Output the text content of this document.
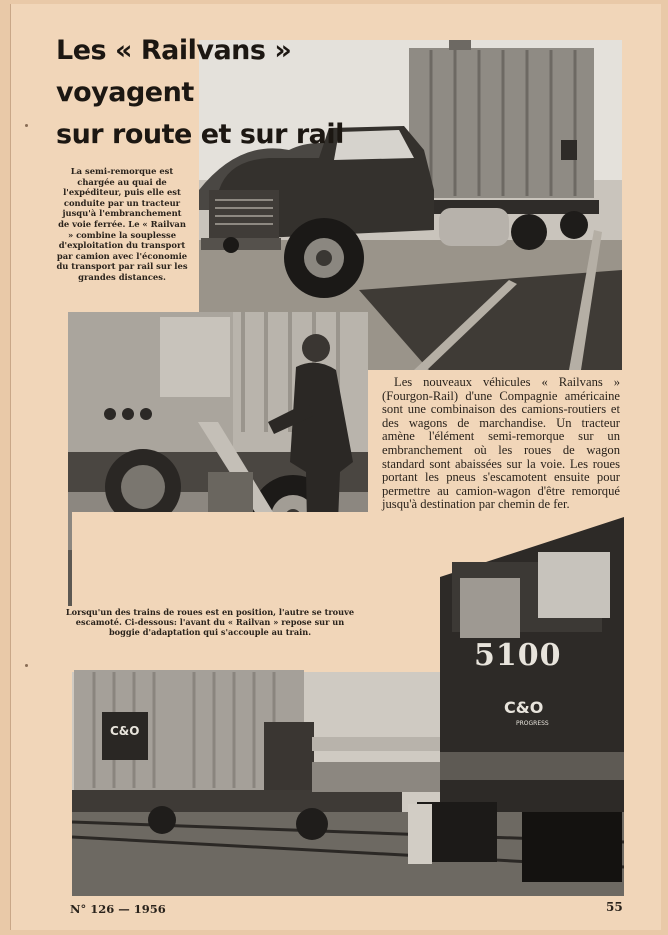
5100
C&O
PROGRESS
C&O
Les « Railvans » voyagent
sur route et sur rail
La semi-remorque est chargée au quai de l'expéditeur, puis elle est conduite par un tracteur jusqu'à l'embranchement de voie ferrée. Le « Railvan » combine la souplesse d'exploitation du transport par camion avec l'économie du transport par rail sur les grandes distances.
Les nouveaux véhicules « Railvans » (Fourgon-Rail) d'une Compagnie américaine sont une combinaison des camions-routiers et des wagons de marchandise. Un tracteur amène l'élément semi-remorque sur un embranchement où les roues de wagon standard sont abaissées sur la voie. Les roues portant les pneus s'escamotent ensuite pour permettre au camion-wagon d'être remorqué jusqu'à destination par chemin de fer.
Lorsqu'un des trains de roues est en position, l'autre se trouve escamoté. Ci-dessous: l'avant du « Railvan » repose sur un boggie d'adaptation qui s'accouple au train.
N° 126 — 1956	55
